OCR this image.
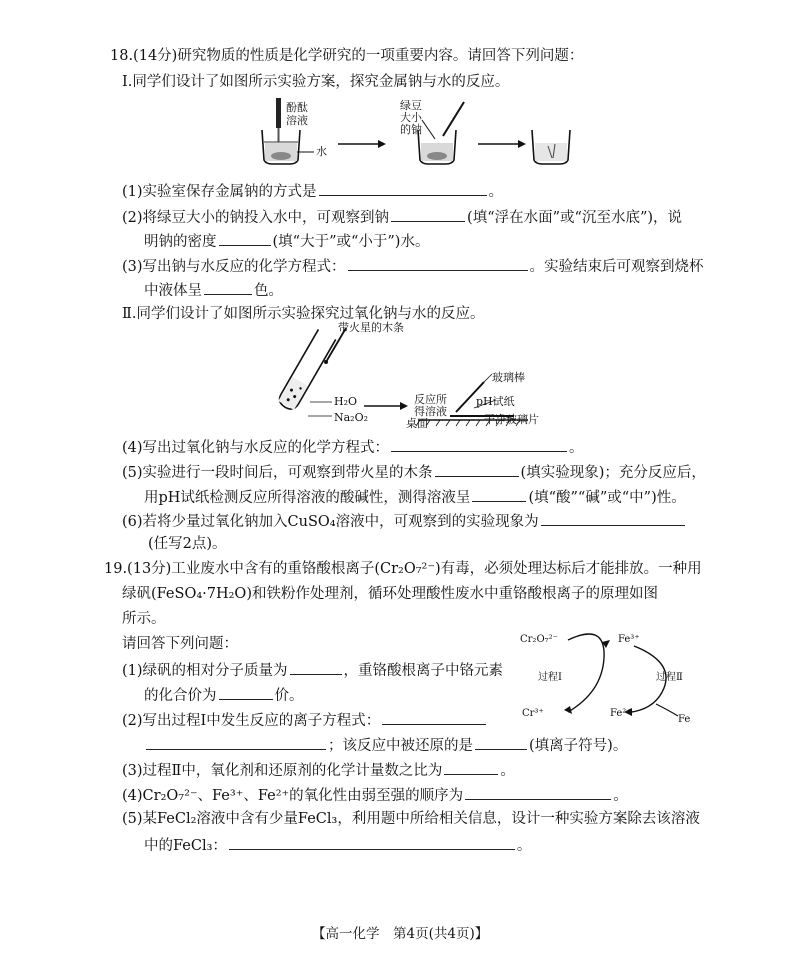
18.(14分)研究物质的性质是化学研究的一项重要内容。请回答下列问题：
Ⅰ.同学们设计了如图所示实验方案，探究金属钠与水的反应。
酚酞
溶液
水
绿豆
大小
的钠
(1)实验室保存金属钠的方式是	。
(2)将绿豆大小的钠投入水中，可观察到钠	(填“浮在水面”或“沉至水底”)，说
明钠的密度	(填“大于”或“小于”)水。
(3)写出钠与水反应的化学方程式：	。实验结束后可观察到烧杯
中液体呈	色。
Ⅱ.同学们设计了如图所示实验探究过氧化钠与水的反应。
带火星的木条
H₂O
Na₂O₂
玻璃棒
反应所
得溶液
pH试纸
干净玻璃片
桌面
(4)写出过氧化钠与水反应的化学方程式：	。
(5)实验进行一段时间后，可观察到带火星的木条	(填实验现象)；充分反应后，
用pH试纸检测反应所得溶液的酸碱性，测得溶液呈	(填“酸”“碱”或“中”)性。
(6)若将少量过氧化钠加入CuSO₄溶液中，可观察到的实验现象为
(任写2点)。
19.(13分)工业废水中含有的重铬酸根离子(Cr₂O₇²⁻)有毒，必须处理达标后才能排放。一种用
绿矾(FeSO₄·7H₂O)和铁粉作处理剂，循环处理酸性废水中重铬酸根离子的原理如图
所示。
请回答下列问题：	Cr₂O₇²⁻	Fe³⁺
Cr³⁺	Fe²⁺
Fe
过程Ⅰ	过程Ⅱ
(1)绿矾的相对分子质量为	，重铬酸根离子中铬元素
的化合价为	价。
(2)写出过程Ⅰ中发生反应的离子方程式：
；该反应中被还原的是	(填离子符号)。
(3)过程Ⅱ中，氧化剂和还原剂的化学计量数之比为	。
(4)Cr₂O₇²⁻、Fe³⁺、Fe²⁺的氧化性由弱至强的顺序为	。
(5)某FeCl₂溶液中含有少量FeCl₃，利用题中所给相关信息，设计一种实验方案除去该溶液
中的FeCl₃：	。
【高一化学　第4页(共4页)】
